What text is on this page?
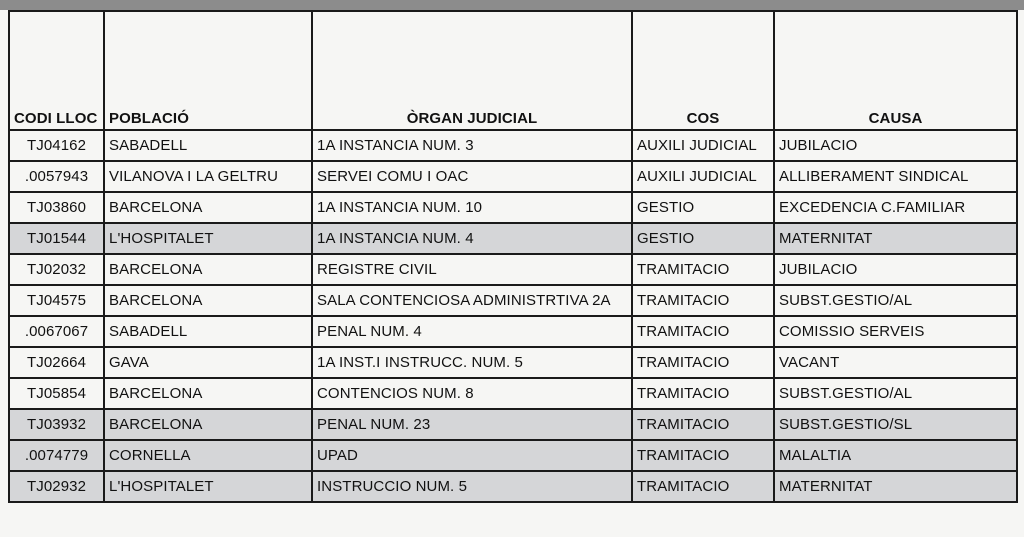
CODI LLOC	POBLACIÓ	ÒRGAN JUDICIAL	COS	CAUSA
TJ04162	SABADELL	1A INSTANCIA NUM. 3	AUXILI JUDICIAL	JUBILACIO
.0057943	VILANOVA I LA GELTRU	SERVEI COMU I OAC	AUXILI JUDICIAL	ALLIBERAMENT SINDICAL
TJ03860	BARCELONA	1A INSTANCIA NUM. 10	GESTIO	EXCEDENCIA C.FAMILIAR
TJ01544	L'HOSPITALET	1A INSTANCIA NUM. 4	GESTIO	MATERNITAT
TJ02032	BARCELONA	REGISTRE CIVIL	TRAMITACIO	JUBILACIO
TJ04575	BARCELONA	SALA CONTENCIOSA ADMINISTRTIVA 2A	TRAMITACIO	SUBST.GESTIO/AL
.0067067	SABADELL	PENAL NUM. 4	TRAMITACIO	COMISSIO SERVEIS
TJ02664	GAVA	1A INST.I INSTRUCC. NUM. 5	TRAMITACIO	VACANT
TJ05854	BARCELONA	CONTENCIOS NUM. 8	TRAMITACIO	SUBST.GESTIO/AL
TJ03932	BARCELONA	PENAL NUM. 23	TRAMITACIO	SUBST.GESTIO/SL
.0074779	CORNELLA	UPAD	TRAMITACIO	MALALTIA
TJ02932	L'HOSPITALET	INSTRUCCIO NUM. 5	TRAMITACIO	MATERNITAT
